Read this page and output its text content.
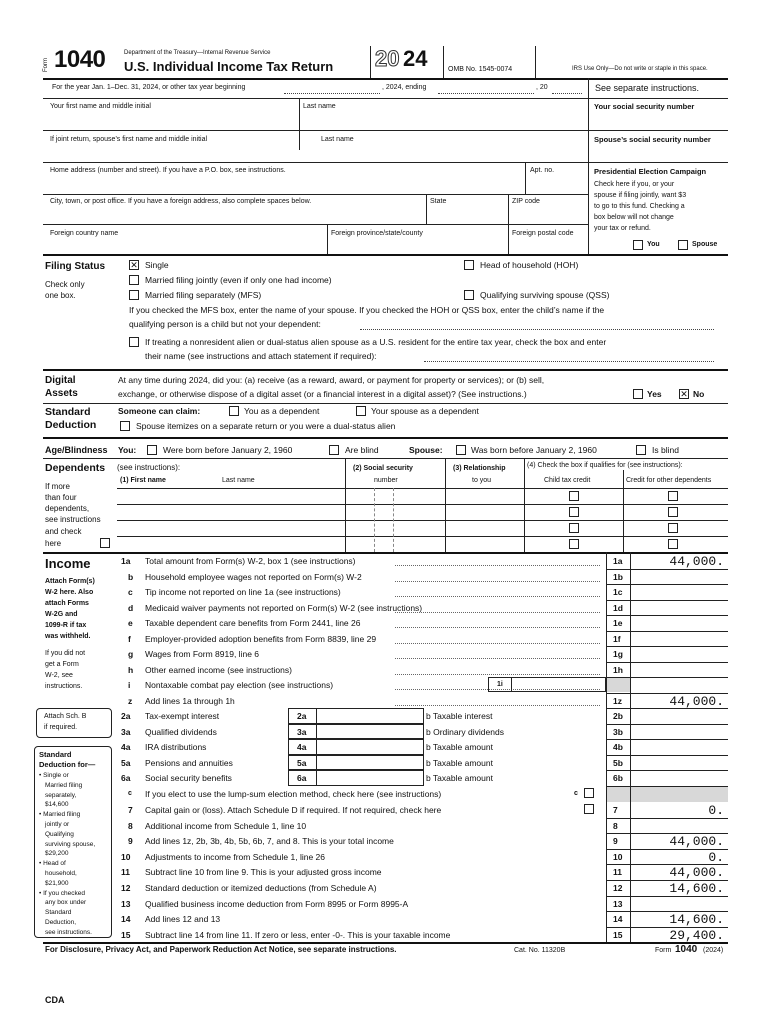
Form 1040	Department of the Treasury—Internal Revenue Service
U.S. Individual Income Tax Return 20 24	OMB No. 1545-0074	IRS Use Only—Do not write or staple in this space.
For the year Jan. 1–Dec. 31, 2024, or other tax year beginning	, 2024, ending	, 20	See separate instructions.
Your first name and middle initial	Last name	Your social security number
If joint return, spouse’s first name and middle initial	Last name	Spouse’s social security number
Home address (number and street). If you have a P.O. box, see instructions.	Apt. no.	Presidential Election Campaign
City, town, or post office. If you have a foreign address, also complete spaces below.	State	ZIP code
Foreign country name	Foreign province/state/county	Foreign postal code
Check here if you, or your
spouse if filing jointly, want $3
to go to this fund. Checking a
box below will not change
your tax or refund.
You	Spouse
Filing Status
Check only
one box.
✕
Single
Married filing jointly (even if only one had income)
Married filing separately (MFS)
Head of household (HOH)
Qualifying surviving spouse (QSS)
If you checked the MFS box, enter the name of your spouse. If you checked the HOH or QSS box, enter the child’s name if the
qualifying person is a child but not your dependent:
If treating a nonresident alien or dual-status alien spouse as a U.S. resident for the entire tax year, check the box and enter
their name (see instructions and attach statement if required):
Digital
Assets
At any time during 2024, did you: (a) receive (as a reward, award, or payment for property or services); or (b) sell,
exchange, or otherwise dispose of a digital asset (or a financial interest in a digital asset)? (See instructions.)	Yes
✕	No
Standard
Deduction
Someone can claim:	You as a dependent	Your spouse as a dependent
Spouse itemizes on a separate return or you were a dual-status alien
Age/Blindness You:	Were born before January 2, 1960	Are blind	Spouse:	Was born before January 2, 1960	Is blind
Dependents (see instructions):
If more
than four
dependents,
see instructions
and check
here
(1) First name	Last name
(2) Social security
number
(3) Relationship
to you
(4) Check the box if qualifies for (see instructions):
Child tax credit	Credit for other dependents
Income
Attach Form(s)
W-2 here. Also
attach Forms
W-2G and
1099-R if tax
was withheld.
If you did not
get a Form
W-2, see
instructions.
Attach Sch. B
if required.
Standard
Deduction for—
• Single or
Married filing
separately,
$14,600
• Married filing
jointly or
Qualifying
surviving spouse,
$29,200
• Head of
household,
$21,900
• If you checked
any box under
Standard
Deduction,
see instructions.
1a Total amount from Form(s) W-2, box 1 (see instructions)	1a	44,000.
b Household employee wages not reported on Form(s) W-2	1b
c Tip income not reported on line 1a (see instructions)	1c
d Medicaid waiver payments not reported on Form(s) W-2 (see instructions)	1d
e Taxable dependent care benefits from Form 2441, line 26	1e
f Employer-provided adoption benefits from Form 8839, line 29	1f
g Wages from Form 8919, line 6	1g
h Other earned income (see instructions)	1h
i Nontaxable combat pay election (see instructions)
z Add lines 1a through 1h	1z	44,000.
1i
2a Tax-exempt interest	2a	b Taxable interest	2b
3a Qualified dividends	3a	b Ordinary dividends	3b
4a IRA distributions	4a	b Taxable amount	4b
5a Pensions and annuities	5a	b Taxable amount	5b
6a Social security benefits	6a	b Taxable amount	6b
c If you elect to use the lump-sum election method, check here (see instructions)	c
7 Capital gain or (loss). Attach Schedule D if required. If not required, check here	7	0.
8 Additional income from Schedule 1, line 10	8
9 Add lines 1z, 2b, 3b, 4b, 5b, 6b, 7, and 8. This is your total income	9	44,000.
10 Adjustments to income from Schedule 1, line 26	10	0.
11 Subtract line 10 from line 9. This is your adjusted gross income	11	44,000.
12 Standard deduction or itemized deductions (from Schedule A)	12	14,600.
13 Qualified business income deduction from Form 8995 or Form 8995-A	13
14 Add lines 12 and 13	14	14,600.
15 Subtract line 14 from line 11. If zero or less, enter -0-. This is your taxable income	15	29,400.
For Disclosure, Privacy Act, and Paperwork Reduction Act Notice, see separate instructions.	Cat. No. 11320B	Form 1040 (2024)
CDA
